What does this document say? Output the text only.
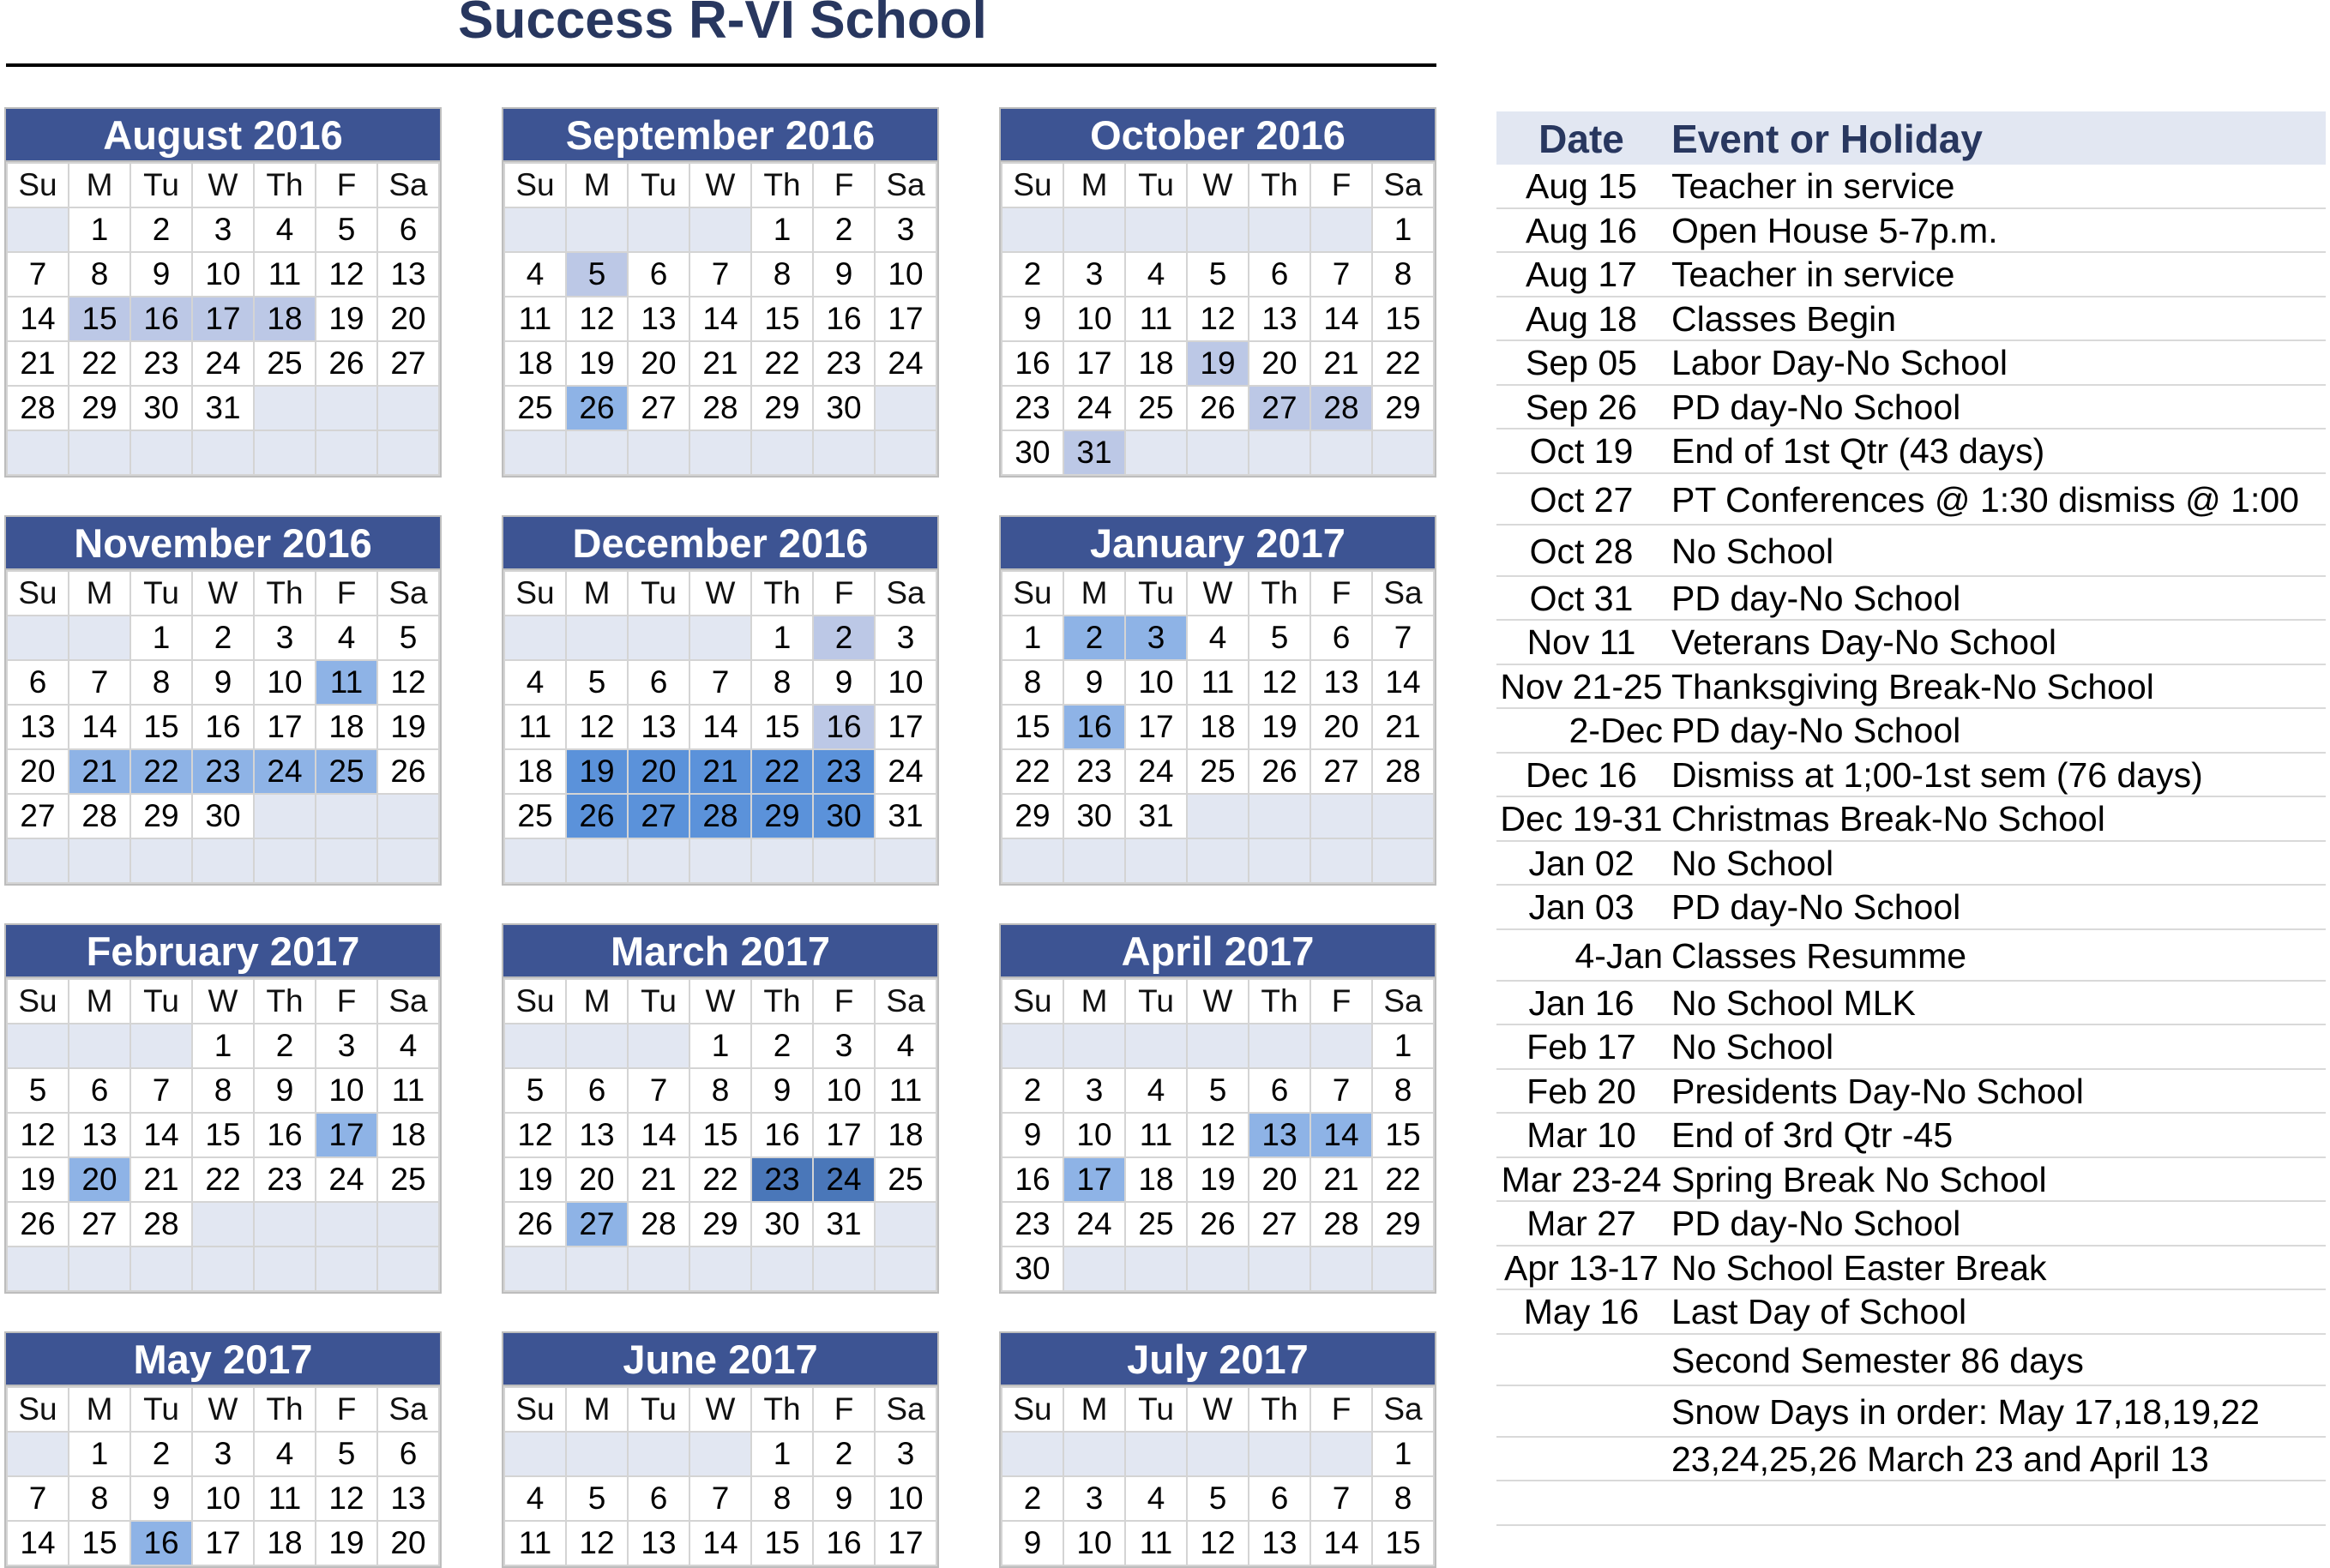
Success R-VI School
August 2016
Su	M	Tu	W	Th	F	Sa
	1	2	3	4	5	6
7	8	9	10	11	12	13
14	15	16	17	18	19	20
21	22	23	24	25	26	27
28	29	30	31			

September 2016
Su	M	Tu	W	Th	F	Sa
				1	2	3
4	5	6	7	8	9	10
11	12	13	14	15	16	17
18	19	20	21	22	23	24
25	26	27	28	29	30	

October 2016
Su	M	Tu	W	Th	F	Sa
						1
2	3	4	5	6	7	8
9	10	11	12	13	14	15
16	17	18	19	20	21	22
23	24	25	26	27	28	29
30	31					
November 2016
Su	M	Tu	W	Th	F	Sa
		1	2	3	4	5
6	7	8	9	10	11	12
13	14	15	16	17	18	19
20	21	22	23	24	25	26
27	28	29	30			

December 2016
Su	M	Tu	W	Th	F	Sa
				1	2	3
4	5	6	7	8	9	10
11	12	13	14	15	16	17
18	19	20	21	22	23	24
25	26	27	28	29	30	31

January 2017
Su	M	Tu	W	Th	F	Sa
1	2	3	4	5	6	7
8	9	10	11	12	13	14
15	16	17	18	19	20	21
22	23	24	25	26	27	28
29	30	31				

February 2017
Su	M	Tu	W	Th	F	Sa
			1	2	3	4
5	6	7	8	9	10	11
12	13	14	15	16	17	18
19	20	21	22	23	24	25
26	27	28				

March 2017
Su	M	Tu	W	Th	F	Sa
			1	2	3	4
5	6	7	8	9	10	11
12	13	14	15	16	17	18
19	20	21	22	23	24	25
26	27	28	29	30	31	

April 2017
Su	M	Tu	W	Th	F	Sa
						1
2	3	4	5	6	7	8
9	10	11	12	13	14	15
16	17	18	19	20	21	22
23	24	25	26	27	28	29
30						
May 2017
Su	M	Tu	W	Th	F	Sa
	1	2	3	4	5	6
7	8	9	10	11	12	13
14	15	16	17	18	19	20
June 2017
Su	M	Tu	W	Th	F	Sa
				1	2	3
4	5	6	7	8	9	10
11	12	13	14	15	16	17
July 2017
Su	M	Tu	W	Th	F	Sa
						1
2	3	4	5	6	7	8
9	10	11	12	13	14	15
Date	Event or Holiday
Aug 15 Teacher in service
Aug 16 Open House 5-7p.m.
Aug 17 Teacher in service
Aug 18 Classes Begin
Sep 05 Labor Day-No School
Sep 26 PD day-No School
Oct 19	End of 1st Qtr (43 days)
Oct 27	PT Conferences @ 1:30 dismiss @ 1:00
Oct 28	No School
Oct 31	PD day-No School
Nov 11	Veterans Day-No School
Nov 21-25 Thanksgiving Break-No School
2-Dec PD day-No School
Dec 16 Dismiss at 1;00-1st sem (76 days)
Dec 19-31 Christmas Break-No School
Jan 02	No School
Jan 03	PD day-No School
4-Jan Classes Resumme
Jan 16	No School MLK
Feb 17	No School
Feb 20	Presidents Day-No School
Mar 10	End of 3rd Qtr -45
Mar 23-24 Spring Break No School
Mar 27	PD day-No School
Apr 13-17 No School Easter Break
May 16 Last Day of School
Second Semester 86 days
Snow Days in order: May 17,18,19,22
23,24,25,26 March 23 and April 13
